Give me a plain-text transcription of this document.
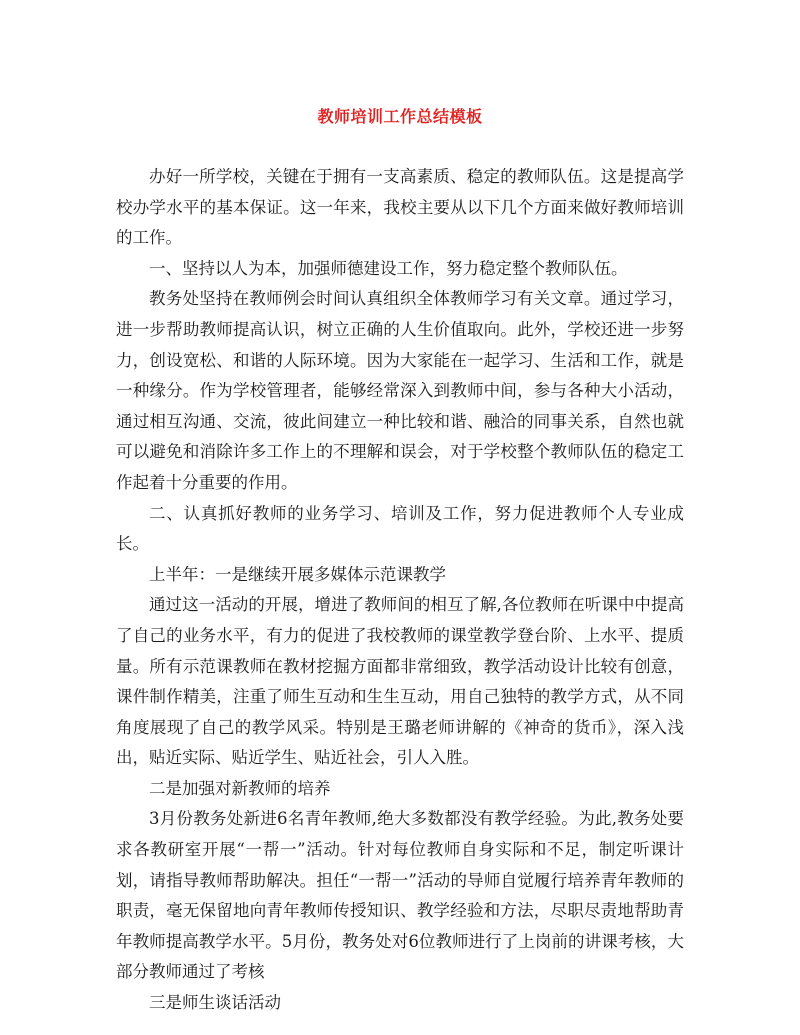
教师培训工作总结模板

办好一所学校，关键在于拥有一支高素质、稳定的教师队伍。这是提高学校办学水平的基本保证。这一年来，我校主要从以下几个方面来做好教师培训的工作。

一、坚持以人为本，加强师德建设工作，努力稳定整个教师队伍。

教务处坚持在教师例会时间认真组织全体教师学习有关文章。通过学习，进一步帮助教师提高认识，树立正确的人生价值取向。此外，学校还进一步努力，创设宽松、和谐的人际环境。因为大家能在一起学习、生活和工作，就是一种缘分。作为学校管理者，能够经常深入到教师中间，参与各种大小活动，通过相互沟通、交流，彼此间建立一种比较和谐、融洽的同事关系，自然也就可以避免和消除许多工作上的不理解和误会，对于学校整个教师队伍的稳定工作起着十分重要的作用。

二、认真抓好教师的业务学习、培训及工作，努力促进教师个人专业成长。

上半年：一是继续开展多媒体示范课教学

通过这一活动的开展，增进了教师间的相互了解,各位教师在听课中中提高了自己的业务水平，有力的促进了我校教师的课堂教学登台阶、上水平、提质量。所有示范课教师在教材挖掘方面都非常细致，教学活动设计比较有创意，课件制作精美，注重了师生互动和生生互动，用自己独特的教学方式，从不同角度展现了自己的教学风采。特别是王璐老师讲解的《神奇的货币》，深入浅出，贴近实际、贴近学生、贴近社会，引人入胜。

二是加强对新教师的培养

3月份教务处新进6名青年教师,绝大多数都没有教学经验。为此,教务处要求各教研室开展“一帮一”活动。针对每位教师自身实际和不足，制定听课计划，请指导教师帮助解决。担任“一帮一”活动的导师自觉履行培养青年教师的职责，毫无保留地向青年教师传授知识、教学经验和方法，尽职尽责地帮助青年教师提高教学水平。5月份，教务处对6位教师进行了上岗前的讲课考核，大部分教师通过了考核

三是师生谈话活动
